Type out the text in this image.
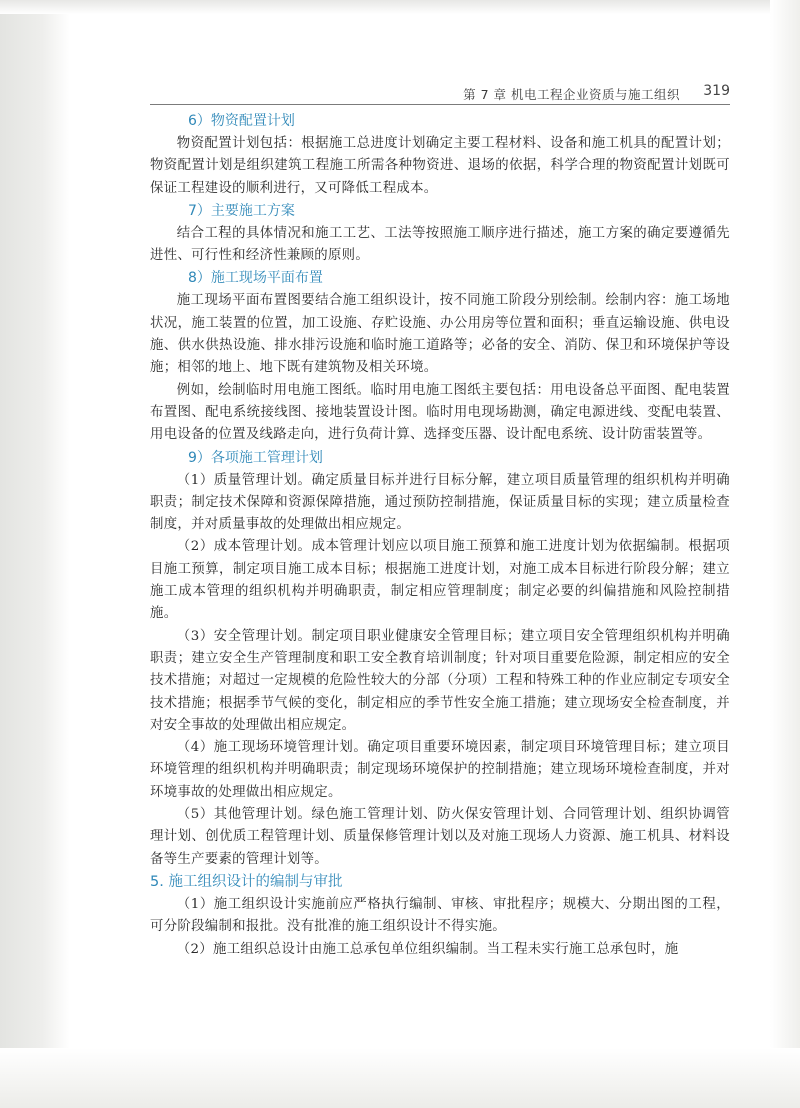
第 7 章 机电工程企业资质与施工组织 319

6）物资配置计划

物资配置计划包括：根据施工总进度计划确定主要工程材料、设备和施工机具的配置计划；物资配置计划是组织建筑工程施工所需各种物资进、退场的依据，科学合理的物资配置计划既可保证工程建设的顺利进行，又可降低工程成本。

7）主要施工方案

结合工程的具体情况和施工工艺、工法等按照施工顺序进行描述，施工方案的确定要遵循先进性、可行性和经济性兼顾的原则。

8）施工现场平面布置

施工现场平面布置图要结合施工组织设计，按不同施工阶段分别绘制。绘制内容：施工场地状况，施工装置的位置，加工设施、存贮设施、办公用房等位置和面积；垂直运输设施、供电设施、供水供热设施、排水排污设施和临时施工道路等；必备的安全、消防、保卫和环境保护等设施；相邻的地上、地下既有建筑物及相关环境。

例如，绘制临时用电施工图纸。临时用电施工图纸主要包括：用电设备总平面图、配电装置布置图、配电系统接线图、接地装置设计图。临时用电现场勘测，确定电源进线、变配电装置、用电设备的位置及线路走向，进行负荷计算、选择变压器、设计配电系统、设计防雷装置等。

9）各项施工管理计划

（1）质量管理计划。确定质量目标并进行目标分解，建立项目质量管理的组织机构并明确职责；制定技术保障和资源保障措施，通过预防控制措施，保证质量目标的实现；建立质量检查制度，并对质量事故的处理做出相应规定。

（2）成本管理计划。成本管理计划应以项目施工预算和施工进度计划为依据编制。根据项目施工预算，制定项目施工成本目标；根据施工进度计划，对施工成本目标进行阶段分解；建立施工成本管理的组织机构并明确职责，制定相应管理制度；制定必要的纠偏措施和风险控制措施。

（3）安全管理计划。制定项目职业健康安全管理目标；建立项目安全管理组织机构并明确职责；建立安全生产管理制度和职工安全教育培训制度；针对项目重要危险源，制定相应的安全技术措施；对超过一定规模的危险性较大的分部（分项）工程和特殊工种的作业应制定专项安全技术措施；根据季节气候的变化，制定相应的季节性安全施工措施；建立现场安全检查制度，并对安全事故的处理做出相应规定。

（4）施工现场环境管理计划。确定项目重要环境因素，制定项目环境管理目标；建立项目环境管理的组织机构并明确职责；制定现场环境保护的控制措施；建立现场环境检查制度，并对环境事故的处理做出相应规定。

（5）其他管理计划。绿色施工管理计划、防火保安管理计划、合同管理计划、组织协调管理计划、创优质工程管理计划、质量保修管理计划以及对施工现场人力资源、施工机具、材料设备等生产要素的管理计划等。

5. 施工组织设计的编制与审批

（1）施工组织设计实施前应严格执行编制、审核、审批程序；规模大、分期出图的工程，可分阶段编制和报批。没有批准的施工组织设计不得实施。

（2）施工组织总设计由施工总承包单位组织编制。当工程未实行施工总承包时，施
